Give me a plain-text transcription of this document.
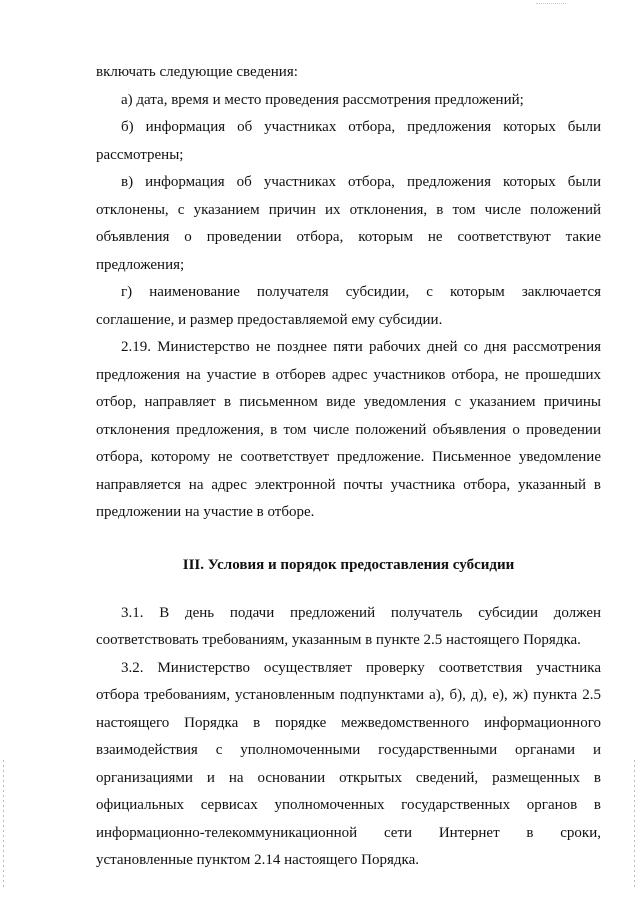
включать следующие сведения:
а) дата, время и место проведения рассмотрения предложений;
б) информация об участниках отбора, предложения которых были
рассмотрены;
в) информация об участниках отбора, предложения которых были
отклонены, с указанием причин их отклонения, в том числе положений
объявления о проведении отбора, которым не соответствуют такие
предложения;
г) наименование получателя субсидии, с которым заключается
соглашение, и размер предоставляемой ему субсидии.
2.19. Министерство не позднее пяти рабочих дней со дня рассмотрения
предложения на участие в отборев адрес участников отбора, не прошедших
отбор, направляет в письменном виде уведомления с указанием причины
отклонения предложения, в том числе положений объявления о проведении
отбора, которому не соответствует предложение. Письменное уведомление
направляется на адрес электронной почты участника отбора, указанный в
предложении на участие в отборе.
III. Условия и порядок предоставления субсидии
3.1. В день подачи предложений получатель субсидии должен
соответствовать требованиям, указанным в пункте 2.5 настоящего Порядка.
3.2. Министерство осуществляет проверку соответствия участника
отбора требованиям, установленным подпунктами а), б), д), е), ж) пункта 2.5
настоящего Порядка в порядке межведомственного информационного
взаимодействия с уполномоченными государственными органами и
организациями и на основании открытых сведений, размещенных в
официальных сервисах уполномоченных государственных органов в
информационно-телекоммуникационной сети Интернет в сроки,
установленные пунктом 2.14 настоящего Порядка.
